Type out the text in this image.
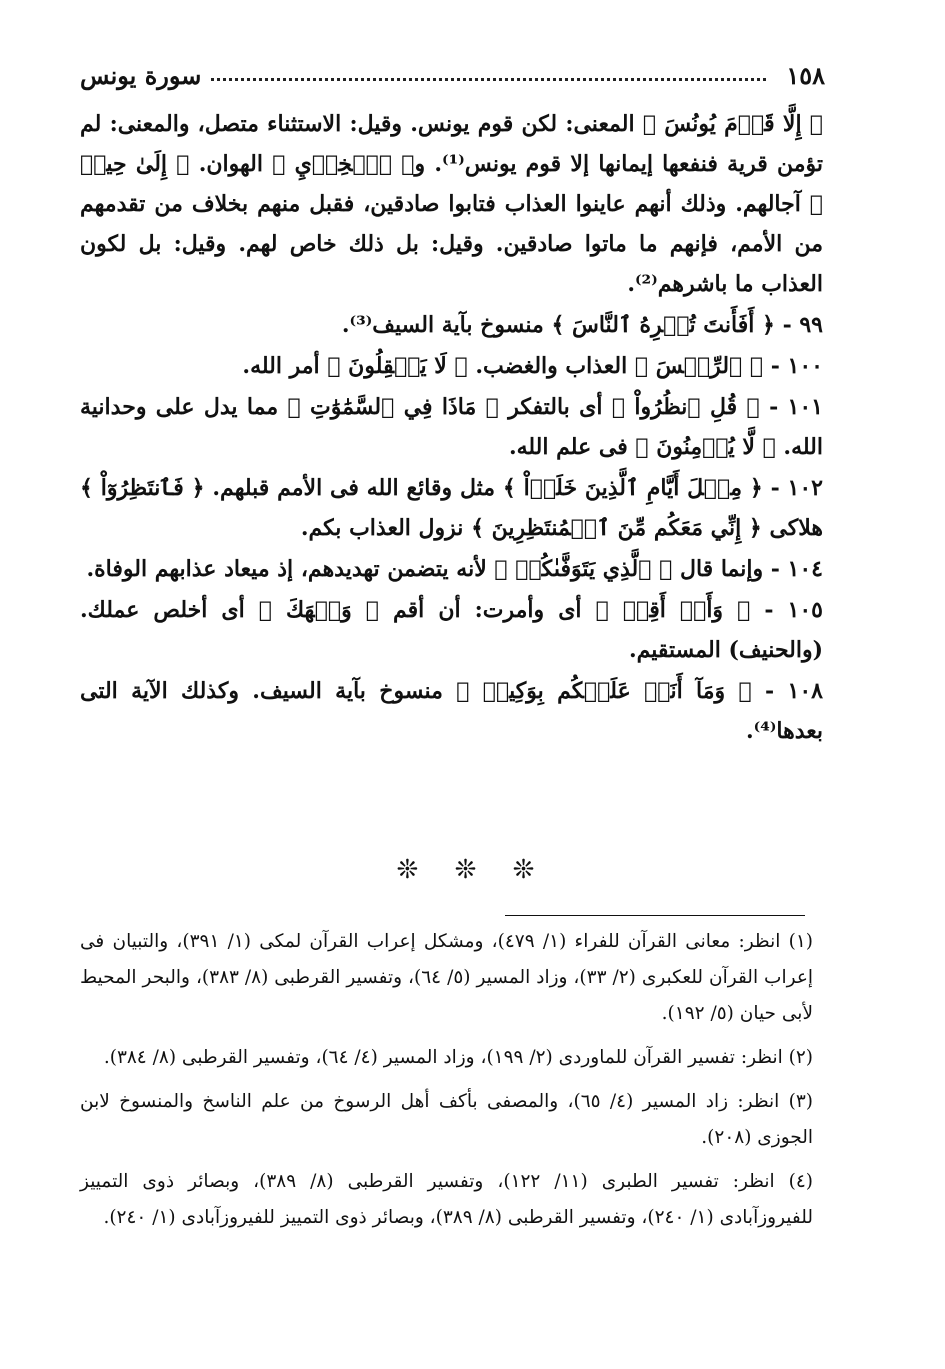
١٥٨
سورة يونس

﴿ إِلَّا قَوۡمَ يُونُسَ ﴾ المعنى: لكن قوم يونس. وقيل: الاستثناء متصل، والمعنى: لم تؤمن قرية فنفعها إيمانها إلا قوم يونس⁽¹⁾. و﴿ ٱلۡخِزۡيِ ﴾ الهوان. ﴿ إِلَىٰ حِينٖ ﴾ آجالهم. وذلك أنهم عاينوا العذاب فتابوا صادقين، فقبل منهم بخلاف من تقدمهم من الأمم، فإنهم ما ماتوا صادقين. وقيل: بل ذلك خاص لهم. وقيل: بل لكون العذاب ما باشرهم⁽²⁾.

٩٩ - ﴿ أَفَأَنتَ تُكۡرِهُ ٱلنَّاسَ ﴾ منسوخ بآية السيف⁽³⁾.

١٠٠ - ﴿ ٱلرِّجۡسَ ﴾ العذاب والغضب. ﴿ لَا يَعۡقِلُونَ ﴾ أمر الله.

١٠١ - ﴿ قُلِ ٱنظُرُواْ ﴾ أى بالتفكر ﴿ مَاذَا فِي ٱلسَّمَٰوَٰتِ ﴾ مما يدل على وحدانية الله. ﴿ لَّا يُؤۡمِنُونَ ﴾ فى علم الله.

١٠٢ - ﴿ مِثۡلَ أَيَّامِ ٱلَّذِينَ خَلَوۡاْ ﴾ مثل وقائع الله فى الأمم قبلهم. ﴿ فَٱنتَظِرُوٓاْ ﴾ هلاكى ﴿ إِنِّي مَعَكُم مِّنَ ٱلۡمُنتَظِرِينَ ﴾ نزول العذاب بكم.

١٠٤ - وإنما قال ﴿ ٱلَّذِي يَتَوَفَّىٰكُمۡ ﴾ لأنه يتضمن تهديدهم، إذ ميعاد عذابهم الوفاة.

١٠٥ - ﴿ وَأَنۡ أَقِمۡ ﴾ أى وأمرت: أن أقم ﴿ وَجۡهَكَ ﴾ أى أخلص عملك. (والحنيف) المستقيم.

١٠٨ - ﴿ وَمَآ أَنَا۠ عَلَيۡكُم بِوَكِيلٖ ﴾ منسوخ بآية السيف. وكذلك الآية التى بعدها⁽⁴⁾.

❊ ❊ ❊

(١) انظر: معانى القرآن للفراء (١/ ٤٧٩)، ومشكل إعراب القرآن لمكى (١/ ٣٩١)، والتبيان فى إعراب القرآن للعكبرى (٢/ ٣٣)، وزاد المسير (٥/ ٦٤)، وتفسير القرطبى (٨/ ٣٨٣)، والبحر المحيط لأبى حيان (٥/ ١٩٢).

(٢) انظر: تفسير القرآن للماوردى (٢/ ١٩٩)، وزاد المسير (٤/ ٦٤)، وتفسير القرطبى (٨/ ٣٨٤).

(٣) انظر: زاد المسير (٤/ ٦٥)، والمصفى بأكف أهل الرسوخ من علم الناسخ والمنسوخ لابن الجوزى (٢٠٨).

(٤) انظر: تفسير الطبرى (١١/ ١٢٢)، وتفسير القرطبى (٨/ ٣٨٩)، وبصائر ذوى التمييز للفيروزآبادى (١/ ٢٤٠)، وتفسير القرطبى (٨/ ٣٨٩)، وبصائر ذوى التمييز للفيروزآبادى (١/ ٢٤٠).
